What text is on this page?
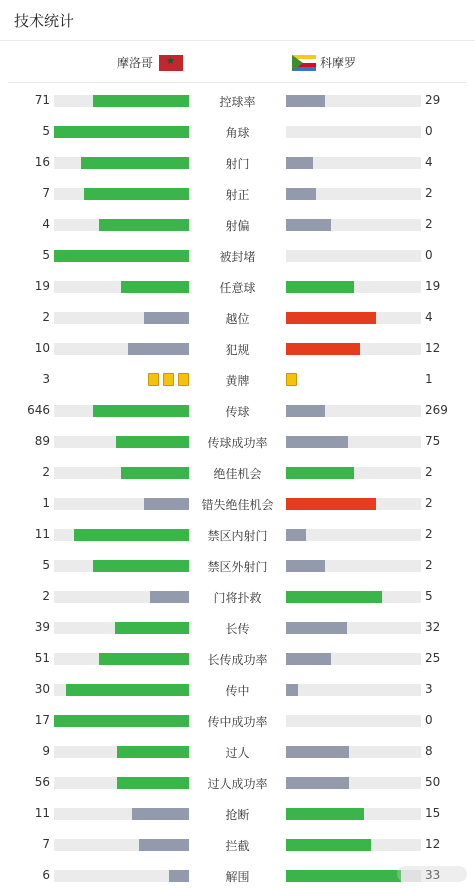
技术统计
摩洛哥
★	科摩罗
71	控球率	29
5	角球	0
16	射门	4
7	射正	2
4	射偏	2
5	被封堵	0
19	任意球	19
2	越位	4
10	犯规	12
3	黄牌	1
646	传球	269
89	传球成功率	75
2	绝佳机会	2
1	错失绝佳机会	2
11	禁区内射门	2
5	禁区外射门	2
2	门将扑救	5
39	长传	32
51	长传成功率	25
30	传中	3
17	传中成功率	0
9	过人	8
56	过人成功率	50
11	抢断	15
7	拦截	12
6	解围	33
